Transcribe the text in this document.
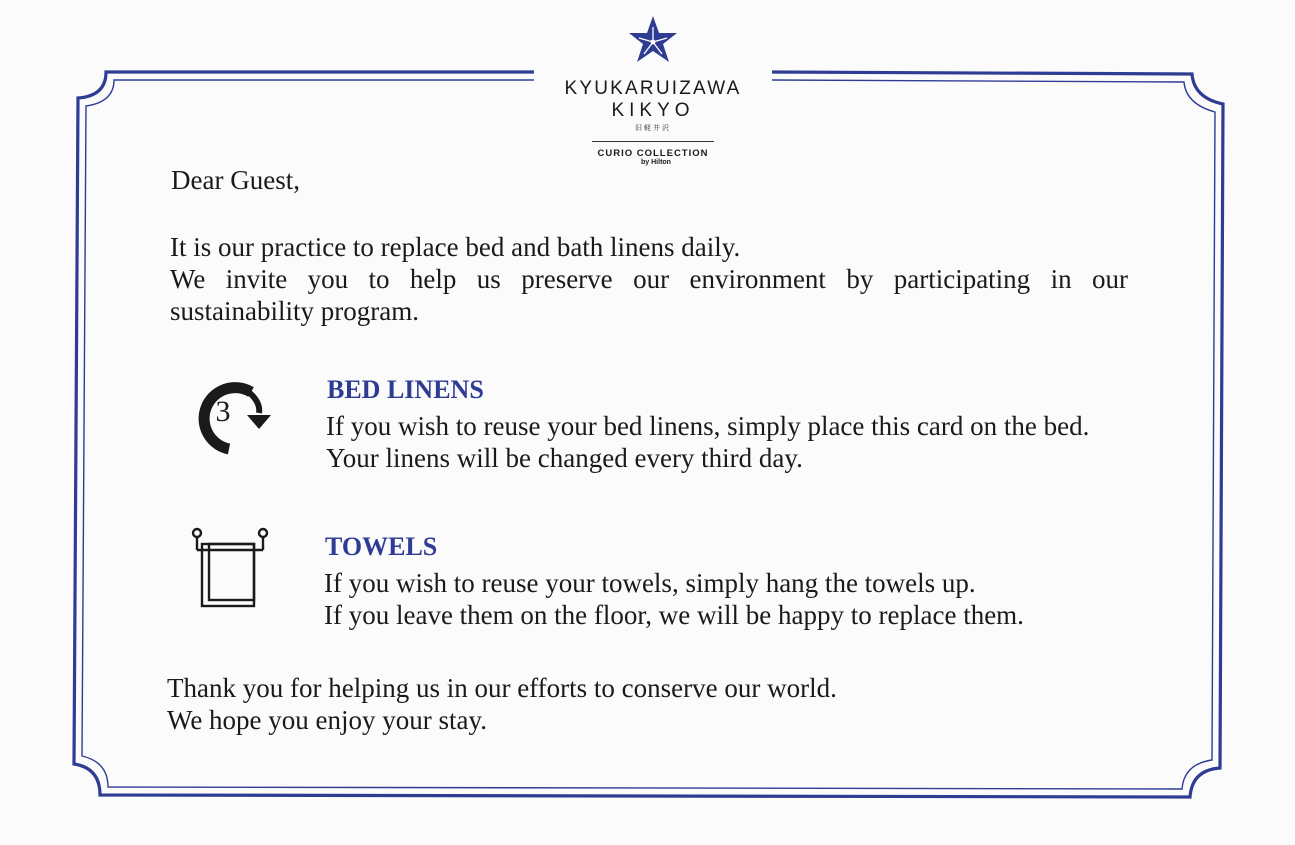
KYUKARUIZAWA
KIKYO
旧軽井沢
CURIO COLLECTION
by Hilton

Dear Guest,

It is our practice to replace bed and bath linens daily.
We invite you to help us preserve our environment by participating in our
sustainability program.
3
BED LINENS
If you wish to reuse your bed linens, simply place this card on the bed.
Your linens will be changed every third day.
TOWELS
If you wish to reuse your towels, simply hang the towels up.
If you leave them on the floor, we will be happy to replace them.
Thank you for helping us in our efforts to conserve our world.
We hope you enjoy your stay.
